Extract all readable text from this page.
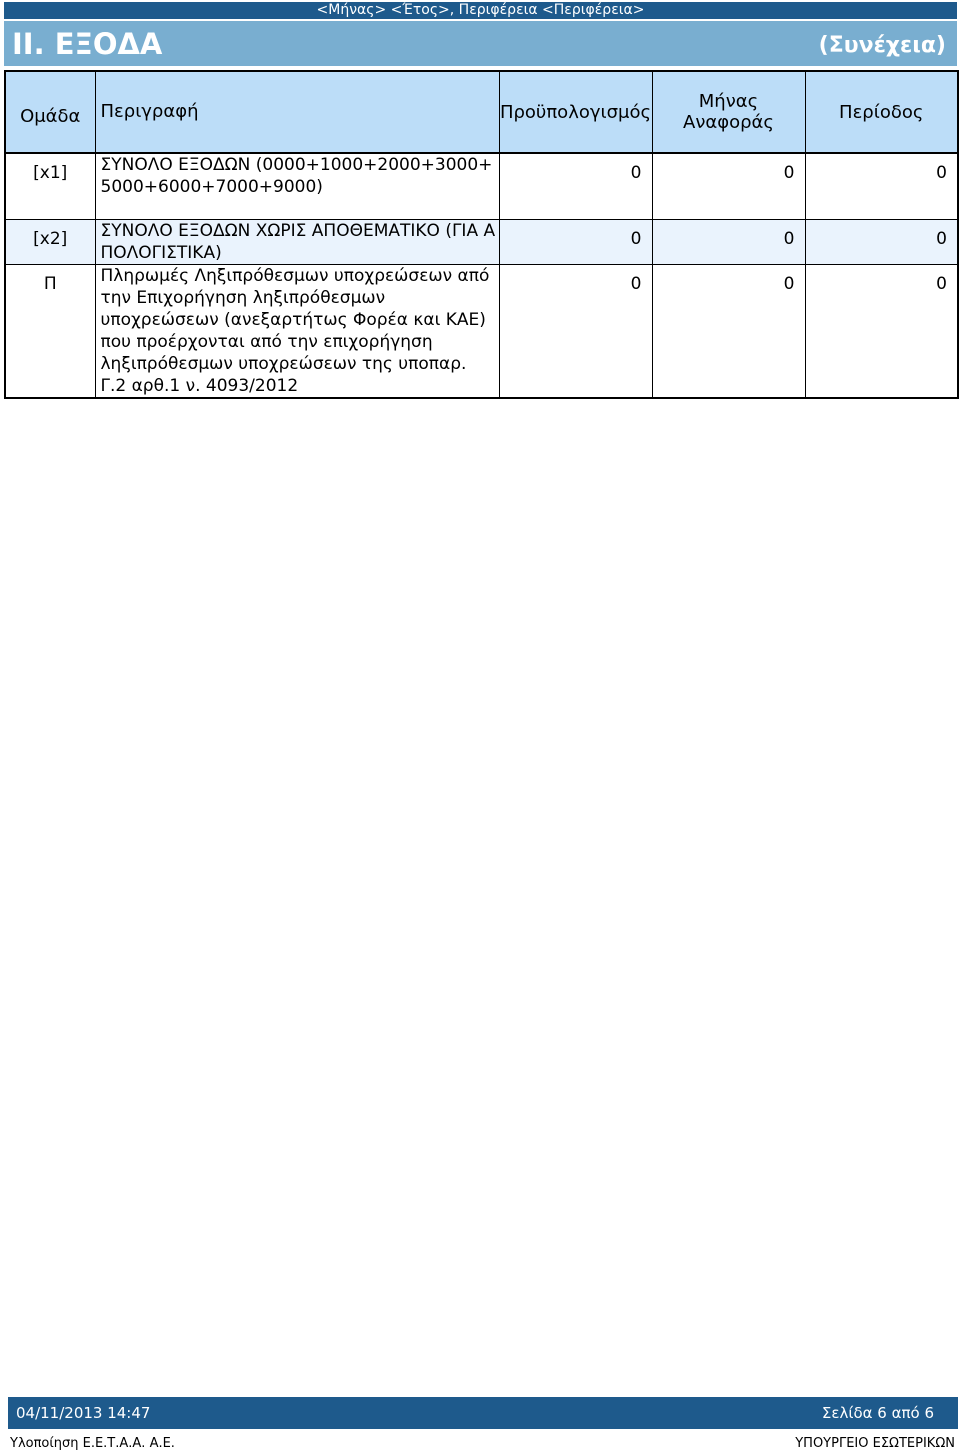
<Μήνας> <Έτος>, Περιφέρεια <Περιφέρεια>
ΙΙ. ΕΞΟΔΑ	(Συνέχεια)
Ομάδα	Περιγραφή	Προϋπολογισμός	Μήνας Αναφοράς	Περίοδος
[x1]	ΣΥΝΟΛΟ ΕΞΟΔΩΝ (0000+1000+2000+3000+5000+6000+7000+9000)	0	0	0
[x2]	ΣΥΝΟΛΟ ΕΞΟΔΩΝ ΧΩΡΙΣ ΑΠΟΘΕΜΑΤΙΚΟ (ΓΙΑ ΑΠΟΛΟΓΙΣΤΙΚΑ)	0	0	0
Π	Πληρωμές Ληξιπρόθεσμων υποχρεώσεων από την Επιχορήγηση ληξιπρόθεσμων υποχρεώσεων (ανεξαρτήτως Φορέα και ΚΑΕ) που προέρχονται από την επιχορήγηση ληξιπρόθεσμων υποχρεώσεων της υποπαρ. Γ.2 αρθ.1 ν. 4093/2012	0	0	0
04/11/2013 14:47	Σελίδα 6 από 6
Υλοποίηση Ε.Ε.Τ.Α.Α. Α.Ε.	ΥΠΟΥΡΓΕΙΟ ΕΣΩΤΕΡΙΚΩΝ
